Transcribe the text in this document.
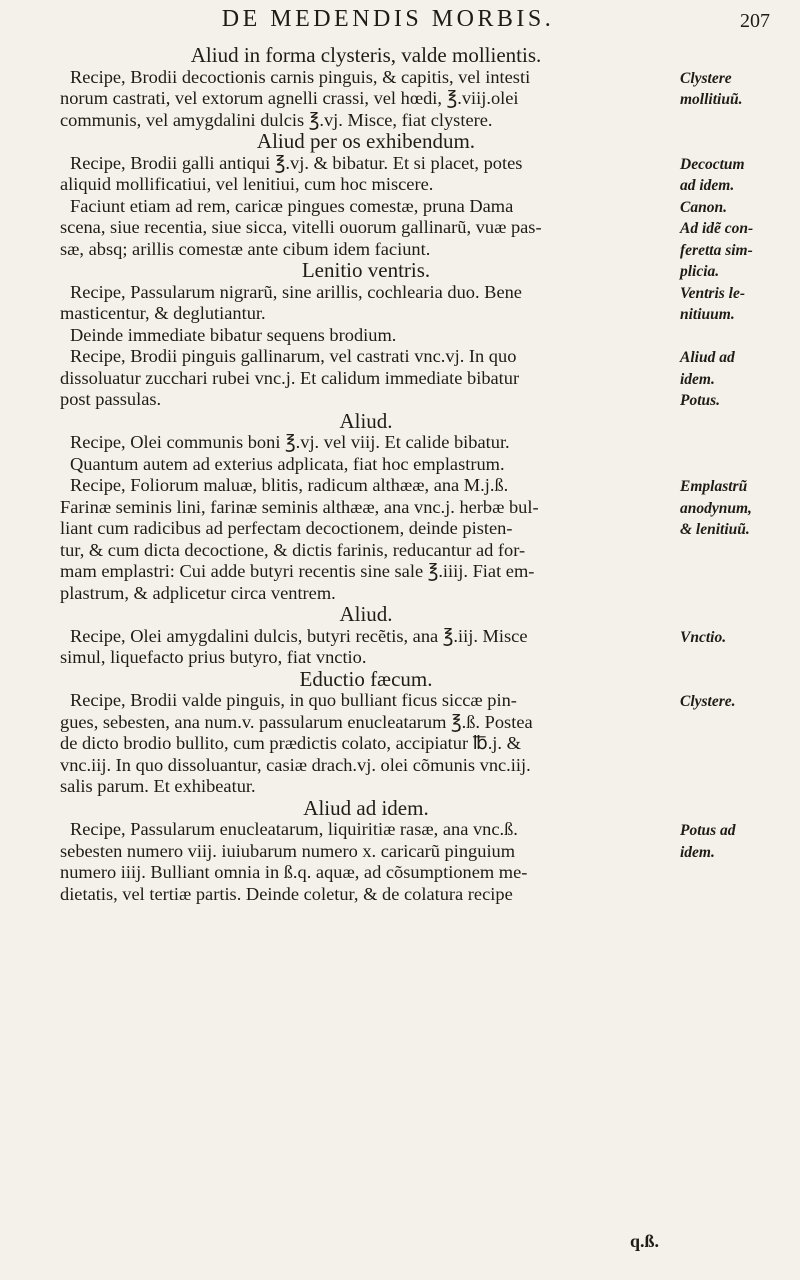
DE MEDENDIS MORBIS.	207
Aliud in forma clysteris, valde mollientis.
Recipe, Brodii decoctionis carnis pinguis, & capitis, vel intesti
norum castrati, vel extorum agnelli crassi, vel hœdi, ℥.viij.olei
communis, vel amygdalini dulcis ℥.vj. Misce, fiat clystere.
Aliud per os exhibendum.
Recipe, Brodii galli antiqui ℥.vj. & bibatur. Et si placet, potes
aliquid mollificatiui, vel lenitiui, cum hoc miscere.
Faciunt etiam ad rem, caricæ pingues comestæ, pruna Dama
scena, siue recentia, siue sicca, vitelli ouorum gallinarũ, vuæ pas-
sæ, absq; arillis comestæ ante cibum idem faciunt.
Lenitio ventris.
Recipe, Passularum nigrarũ, sine arillis, cochlearia duo. Bene
masticentur, & deglutiantur.
Deinde immediate bibatur sequens brodium.
Recipe, Brodii pinguis gallinarum, vel castrati vnc.vj. In quo
dissoluatur zucchari rubei vnc.j. Et calidum immediate bibatur
post passulas.
Aliud.
Recipe, Olei communis boni ℥.vj. vel viij. Et calide bibatur.
Quantum autem ad exterius adplicata, fiat hoc emplastrum.
Recipe, Foliorum maluæ, blitis, radicum althææ, ana M.j.ß.
Farinæ seminis lini, farinæ seminis althææ, ana vnc.j. herbæ bul-
liant cum radicibus ad perfectam decoctionem, deinde pisten-
tur, & cum dicta decoctione, & dictis farinis, reducantur ad for-
mam emplastri: Cui adde butyri recentis sine sale ℥.iiij. Fiat em-
plastrum, & adplicetur circa ventrem.
Aliud.
Recipe, Olei amygdalini dulcis, butyri recẽtis, ana ℥.iij. Misce
simul, liquefacto prius butyro, fiat vnctio.
Eductio fæcum.
Recipe, Brodii valde pinguis, in quo bulliant ficus siccæ pin-
gues, sebesten, ana num.v. passularum enucleatarum ℥.ß. Postea
de dicto brodio bullito, cum prædictis colato, accipiatur ℔.j. &
vnc.iij. In quo dissoluantur, casiæ drach.vj. olei cõmunis vnc.iij.
salis parum. Et exhibeatur.
Aliud ad idem.
Recipe, Passularum enucleatarum, liquiritiæ rasæ, ana vnc.ß.
sebesten numero viij. iuiubarum numero x. caricarũ pinguium
numero iiij. Bulliant omnia in ß.q. aquæ, ad cõsumptionem me-
dietatis, vel tertiæ partis. Deinde coletur, & de colatura recipe
Clystere
mollitiuũ.
Decoctum
ad idem.
Canon.
Ad idẽ con-
feretta sim-
plicia.
Ventris le-
nitiuum.
Aliud ad
idem.
Potus.
Emplastrũ
anodynum,
& lenitiuũ.
Vnctio.
Clystere.
Potus ad
idem.
q.ß.
